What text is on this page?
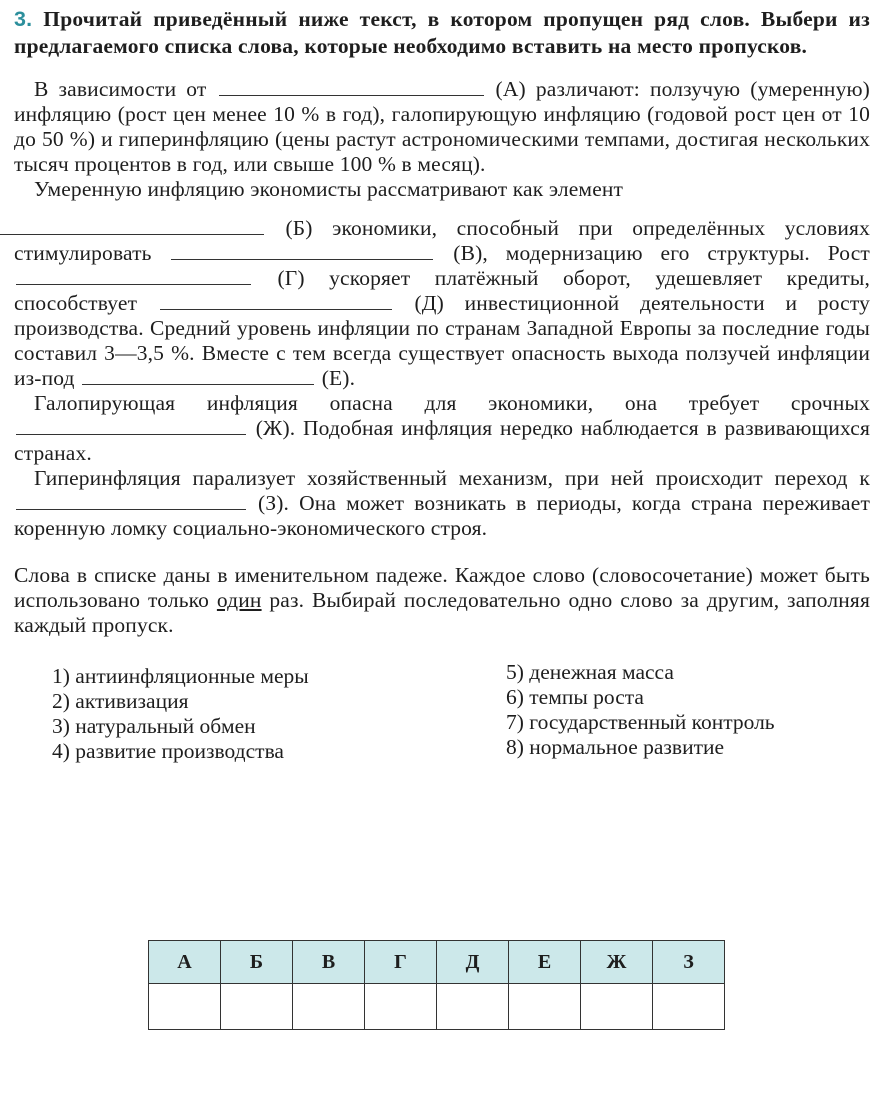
3. Прочитай приведённый ниже текст, в котором пропущен ряд слов. Выбери из предлагаемого списка слова, которые необходимо вставить на место пропусков.

В зависимости от	(А) различают: ползучую (умеренную) инфляцию (рост цен менее 10 % в год), галопирующую инфляцию (годовой рост цен от 10 до 50 %) и гиперинфляцию (цены растут астрономическими темпами, достигая нескольких тысяч процентов в год, или свыше 100 % в месяц).

Умеренную инфляцию экономисты рассматривают как элемент
(Б) экономики, способный при определённых условиях стимулировать	(В), модернизацию его структуры. Рост  (Г) ускоряет платёжный оборот, удешевляет кредиты, способствует	(Д) инвестиционной деятельности и росту производства. Средний уровень инфляции по странам Западной Европы за последние годы составил 3—3,5 %. Вместе с тем всегда существует опасность выхода ползучей инфляции из-под	(Е).

Галопирующая инфляция опасна для экономики, она требует срочных  (Ж). Подобная инфляция нередко наблюдается в развивающихся странах.

Гиперинфляция парализует хозяйственный механизм, при ней происходит переход к  (З). Она может возникать в периоды, когда страна переживает коренную ломку социально-экономического строя.

Слова в списке даны в именительном падеже. Каждое слово (словосочетание) может быть использовано только один раз. Выбирай последовательно одно слово за другим, заполняя каждый пропуск.

1) антиинфляционные меры
2) активизация
3) натуральный обмен
4) развитие производства
5) денежная масса
6) темпы роста
7) государственный контроль
8) нормальное развитие
А	Б	В	Г	Д	Е	Ж	З
